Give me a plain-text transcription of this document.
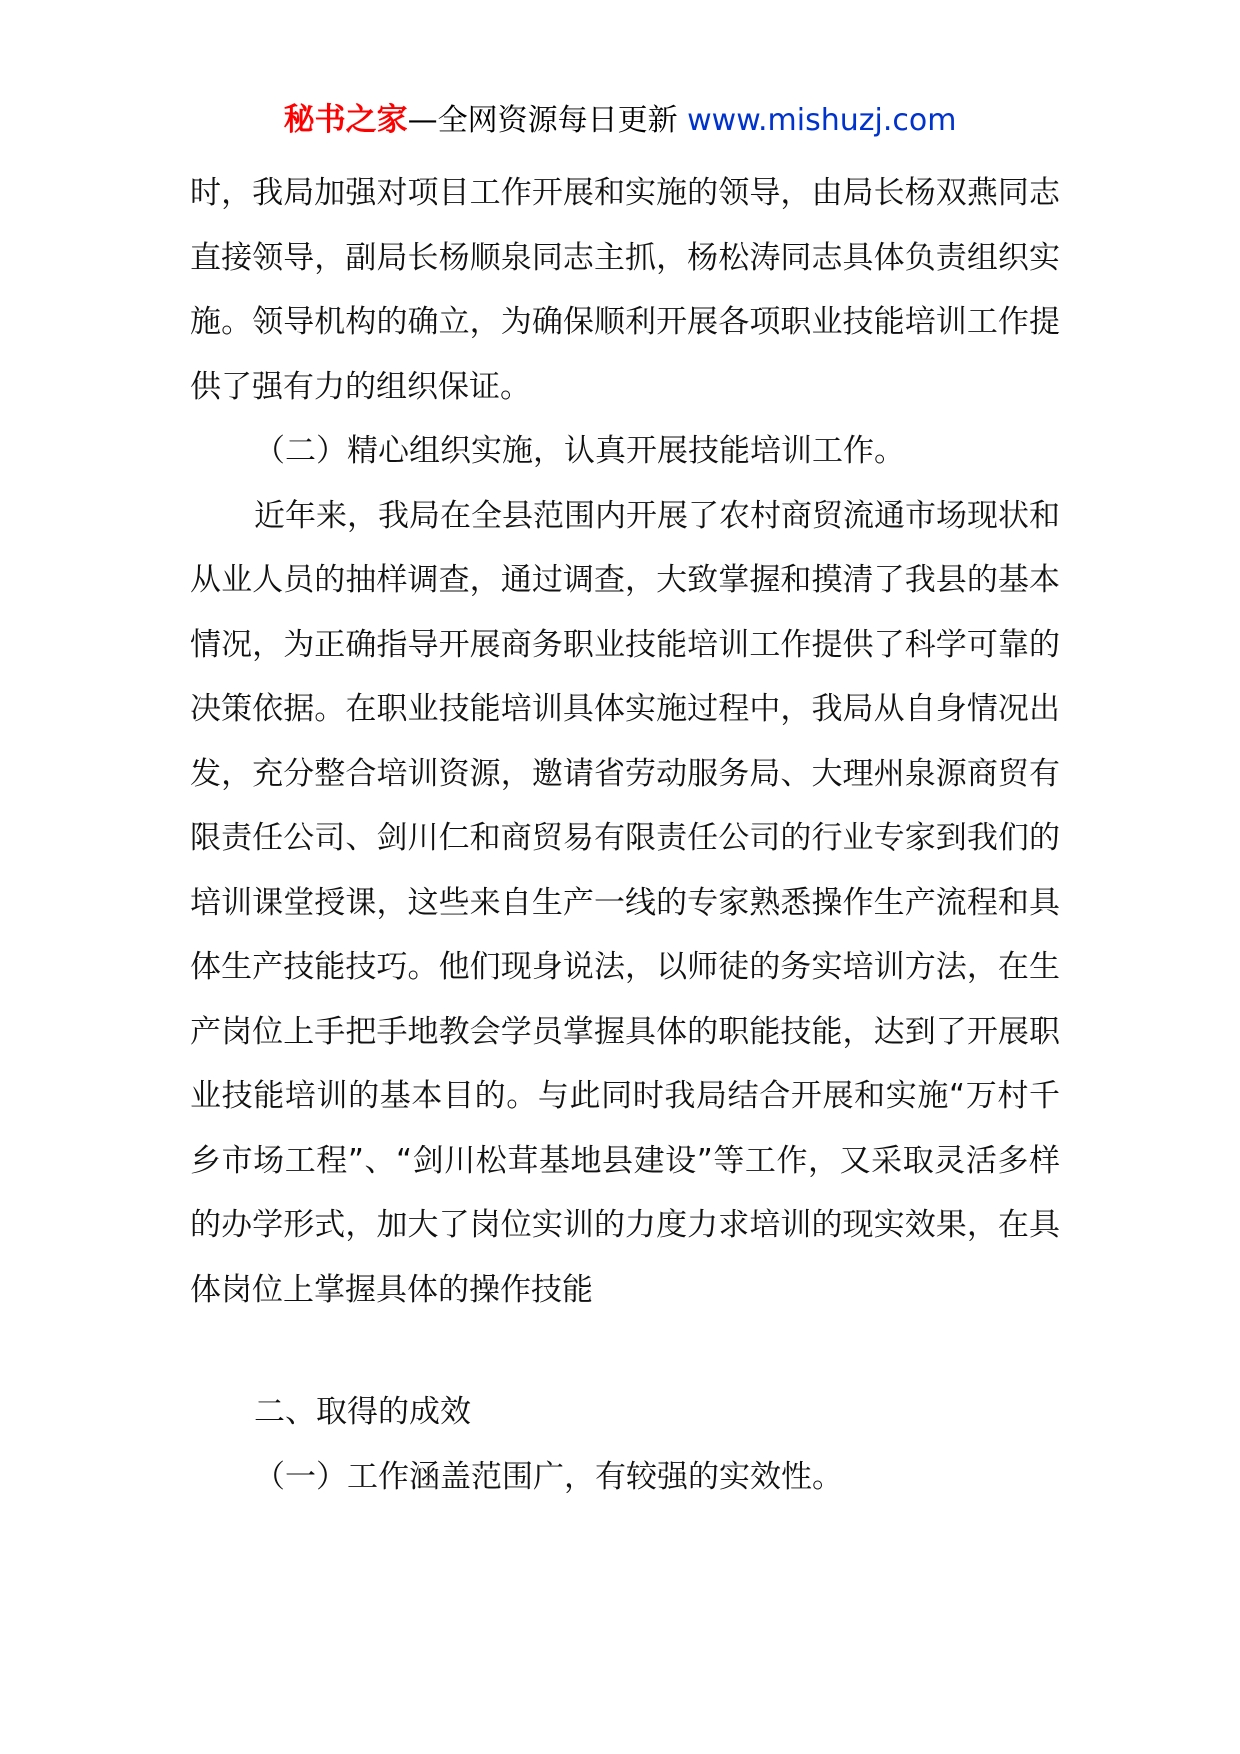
秘书之家—全网资源每日更新 www.mishuzj.com

时，我局加强对项目工作开展和实施的领导，由局长杨双燕同志直接领导，副局长杨顺泉同志主抓，杨松涛同志具体负责组织实施。领导机构的确立，为确保顺利开展各项职业技能培训工作提供了强有力的组织保证。

（二）精心组织实施，认真开展技能培训工作。

近年来，我局在全县范围内开展了农村商贸流通市场现状和从业人员的抽样调查，通过调查，大致掌握和摸清了我县的基本情况，为正确指导开展商务职业技能培训工作提供了科学可靠的决策依据。在职业技能培训具体实施过程中，我局从自身情况出发，充分整合培训资源，邀请省劳动服务局、大理州泉源商贸有限责任公司、剑川仁和商贸易有限责任公司的行业专家到我们的培训课堂授课，这些来自生产一线的专家熟悉操作生产流程和具体生产技能技巧。他们现身说法，以师徒的务实培训方法，在生产岗位上手把手地教会学员掌握具体的职能技能，达到了开展职业技能培训的基本目的。与此同时我局结合开展和实施“万村千乡市场工程”、“剑川松茸基地县建设”等工作，又采取灵活多样的办学形式，加大了岗位实训的力度力求培训的现实效果，在具体岗位上掌握具体的操作技能

二、取得的成效

（一）工作涵盖范围广，有较强的实效性。
